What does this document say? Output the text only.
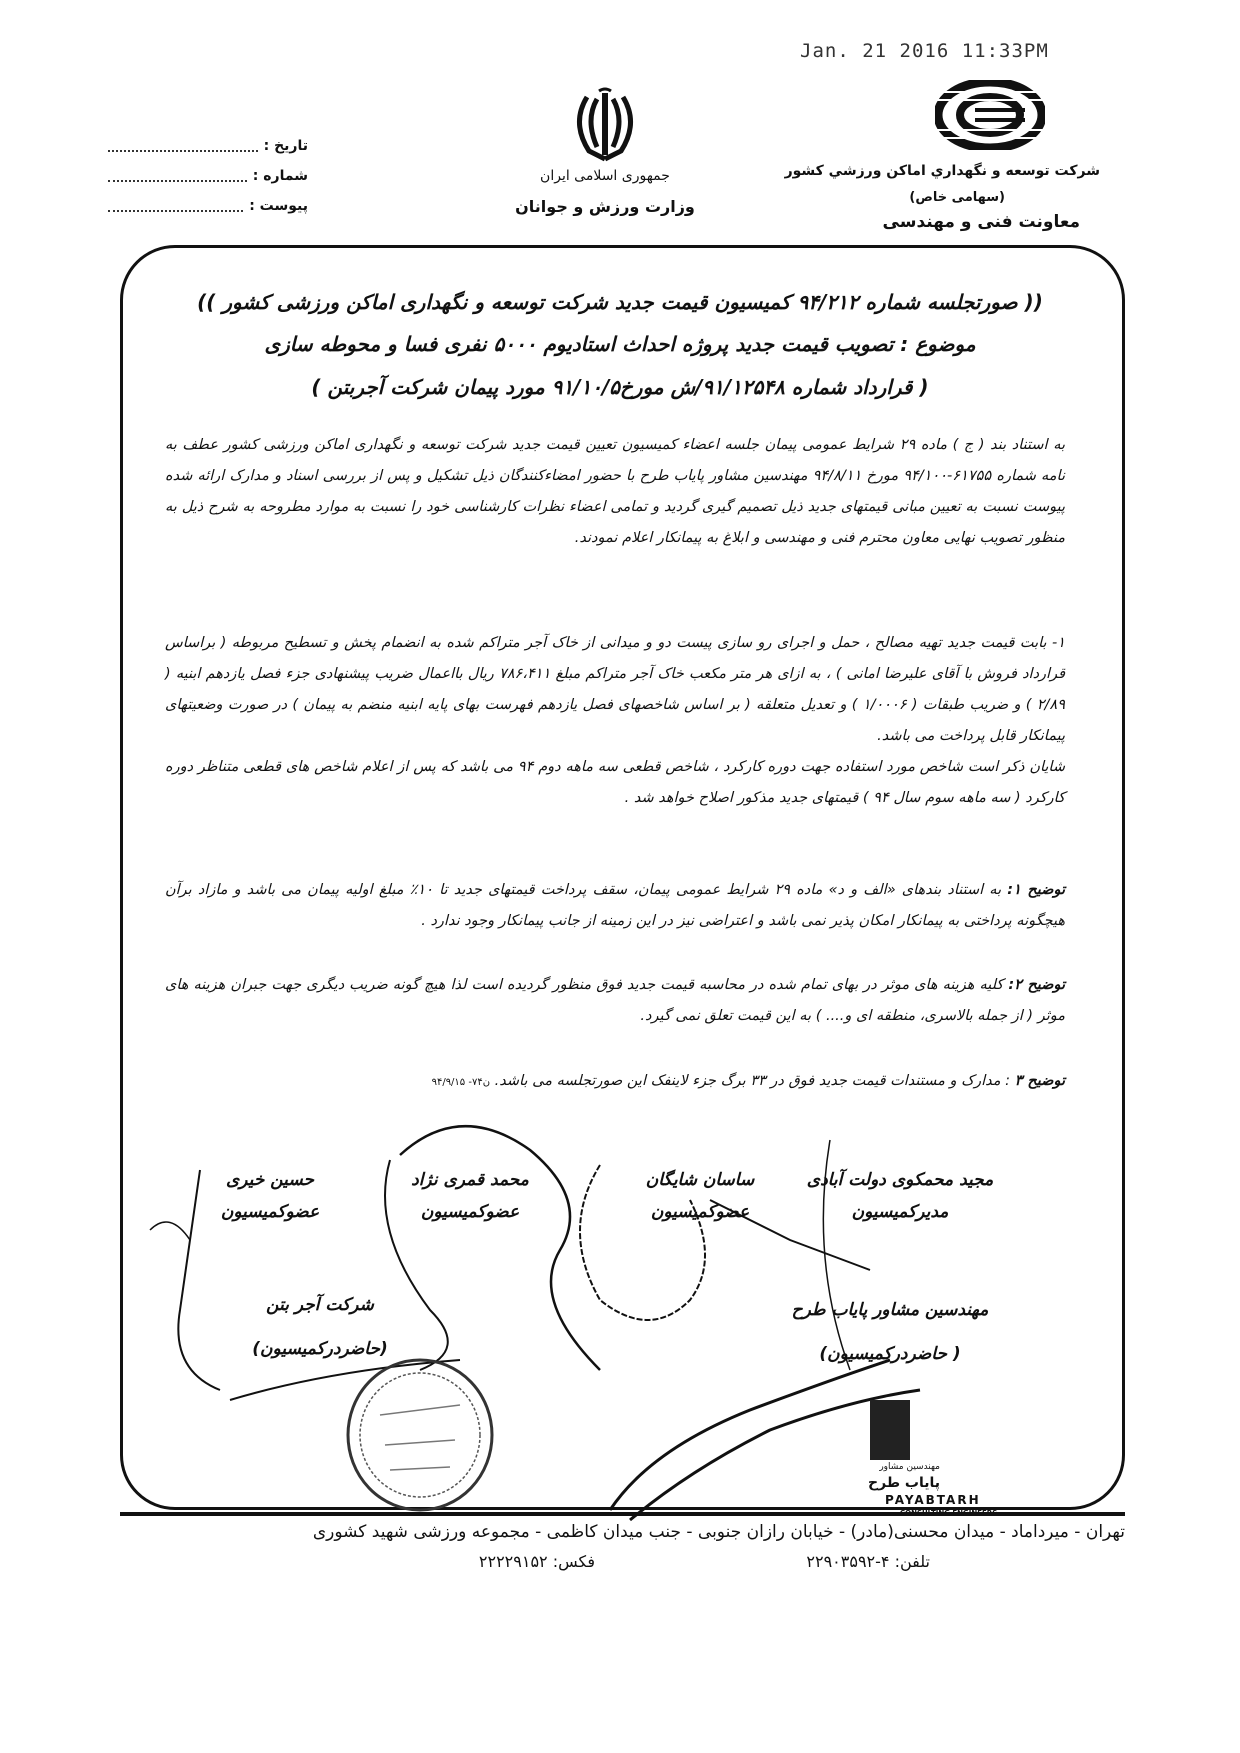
Jan. 21 2016 11:33PM
شرکت توسعه و نگهداري اماكن ورزشي كشور
(سهامی خاص)
معاونت فنی و مهندسی
جمهوری اسلامی ایران
وزارت ورزش و جوانان
تاریخ :
شماره :
پیوست :
(( صورتجلسه شماره ۹۴/۲۱۲ کمیسیون قیمت جدید شرکت توسعه و نگهداری اماکن ورزشی کشور ))
موضوع : تصویب قیمت جدید پروژه احداث استادیوم ۵۰۰۰ نفری فسا و محوطه سازی
( قرارداد شماره ۹۱/۱۲۵۴۸/ش مورخ۹۱/۱۰/۵ مورد پیمان شرکت آجربتن )
به استناد بند ( ج ) ماده ۲۹ شرایط عمومی پیمان جلسه اعضاء کمیسیون تعیین قیمت جدید شرکت توسعه و نگهداری اماکن ورزشی کشور عطف به نامه شماره ۶۱۷۵۵-۹۴/۱۰۰ مورخ ۹۴/۸/۱۱ مهندسین مشاور پایاب طرح با حضور امضاءکنندگان ذیل تشکیل و پس از بررسی اسناد و مدارک ارائه شده پیوست نسبت به تعیین مبانی قیمتهای جدید ذیل تصمیم گیری گردید و تمامی اعضاء نظرات کارشناسی خود را نسبت به موارد مطروحه به شرح ذیل به منظور تصویب نهایی معاون محترم فنی و مهندسی و ابلاغ به پیمانکار اعلام نمودند.
۱- بابت قیمت جدید تهیه مصالح ، حمل و اجرای رو سازی پیست دو و میدانی از خاک آجر متراکم شده به انضمام پخش و تسطیح مربوطه ( براساس قرارداد فروش با آقای علیرضا امانی ) ، به ازای هر متر مکعب خاک آجر متراکم مبلغ ۷۸۶،۴۱۱ ریال بااعمال ضریب پیشنهادی جزء فصل یازدهم ابنیه ( ۲/۸۹ ) و ضریب طبقات ( ۱/۰۰۰۶ ) و تعدیل متعلقه ( بر اساس شاخصهای فصل یازدهم فهرست بهای پایه ابنیه منضم به پیمان ) در صورت وضعیتهای پیمانکار قابل پرداخت می باشد.
شایان ذکر است شاخص مورد استفاده جهت دوره کارکرد ، شاخص قطعی سه ماهه دوم ۹۴ می باشد که پس از اعلام شاخص های قطعی متناظر دوره کارکرد ( سه ماهه سوم سال ۹۴ ) قیمتهای جدید مذکور اصلاح خواهد شد .
توضیح ۱: به استناد بندهای «الف و د» ماده ۲۹ شرایط عمومی پیمان، سقف پرداخت قیمتهای جدید تا ۱۰٪ مبلغ اولیه پیمان می باشد و مازاد برآن هیچگونه پرداختی به پیمانکار امکان پذیر نمی باشد و اعتراضی نیز در این زمینه از جانب پیمانکار وجود ندارد .
توضیح ۲: کلیه هزینه های موثر در بهای تمام شده در محاسبه قیمت جدید فوق منظور گردیده است لذا هیچ گونه ضریب دیگری جهت جبران هزینه های موثر ( از جمله بالاسری، منطقه ای و.... ) به این قیمت تعلق نمی گیرد.
توضیح ۳ : مدارک و مستندات قیمت جدید فوق در ۳۳ برگ جزء لاینفک این صورتجلسه می باشد. ن۷۴- ۹۴/۹/۱۵
مجید محمکوی دولت آبادی
مدیرکمیسیون
ساسان شایگان
عضوکمیسیون
محمد قمری نژاد
عضوکمیسیون
حسین خیری
عضوکمیسیون
مهندسین مشاور پایاب طرح
( حاضردرکمیسیون)
شرکت آجر بتن
(حاضردرکمیسیون)
مهندسین مشاور
پایاب طرح
PAYABTARH
تهران - میرداماد - میدان محسنی(مادر) - خیابان رازان جنوبی - جنب میدان کاظمی - مجموعه ورزشی شهید کشوری
تلفن: ۴-۲۲۹۰۳۵۹۲
فکس: ۲۲۲۲۹۱۵۲
